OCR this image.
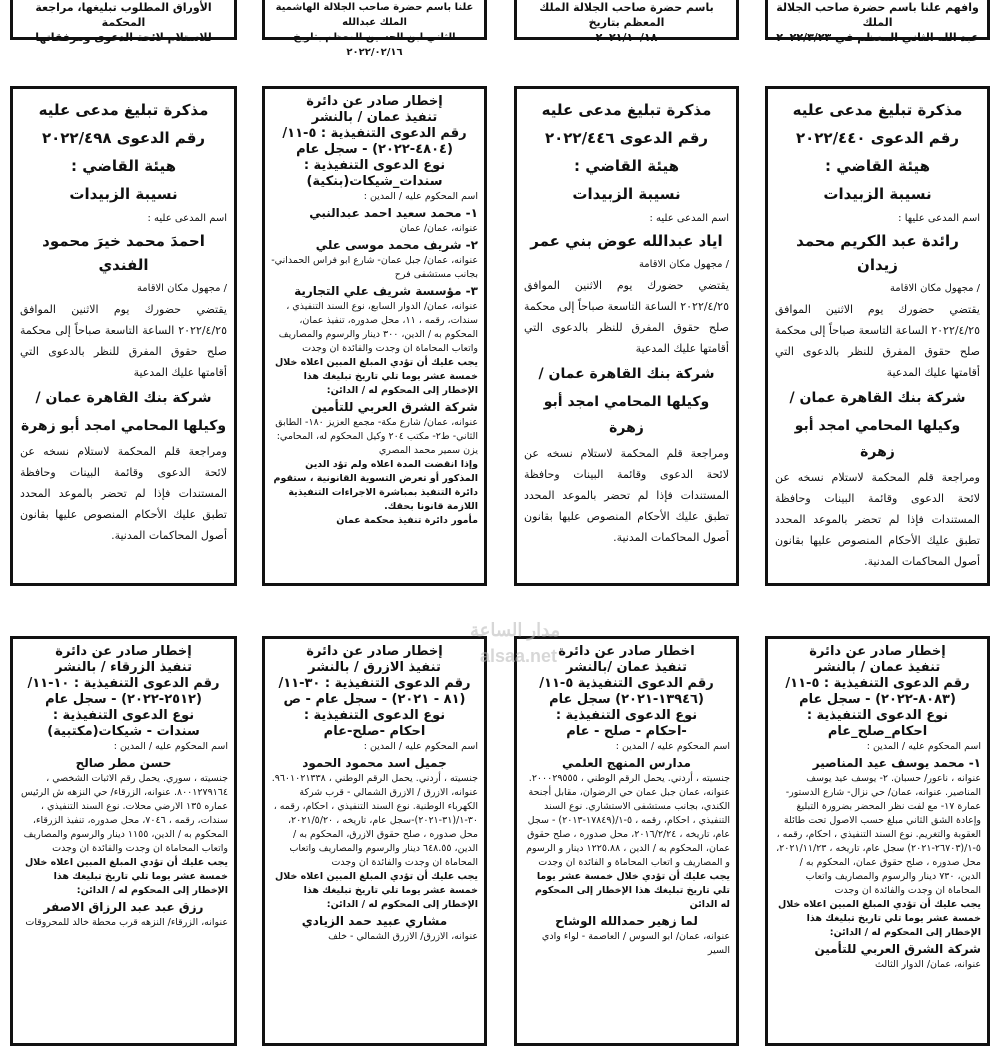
الأوراق المطلوب تبليغها، مراجعة المحكمة
للاستلام لائحة الدعوى ومرفقاتها
علنا باسم حضرة صاحب الجلالة الهاشمية الملك عبدالله
الثاني ابن الحسين المعظم بتاريخ ٢٠٢٢/٠٢/١٦
باسم حضرة صاحب الجلالة الملك المعظم بتاريخ
٢٠٢١/١٠/١٨
وافهم علنا باسم حضرة صاحب الجلالة الملك
عبد الله الثاني المعظم في ٢٠٢٢/٣/٢٣
مذكرة تبليغ مدعى عليه
رقم الدعوى ٢٠٢٢/٤٩٨
هيئة القاضي :
نسيبة الزبيدات
اسم المدعى عليه :
احمدَ محمد خيرَ محمود الفندي
/ مجهول مكان الاقامة

يقتضي حضورك يوم الاثنين الموافق ٢٠٢٢/٤/٢٥ الساعة التاسعة صباحاً إلى محكمة صلح حقوق المفرق للنظر بالدعوى التي أقامتها عليك المدعية

شركة بنك القاهرة عمان /
وكيلها المحامي امجد أبو زهرة

ومراجعة قلم المحكمة لاستلام نسخه عن لائحة الدعوى وقائمة البينات وحافظة المستندات فإذا لم تحضر بالموعد المحدد تطبق عليك الأحكام المنصوص عليها بقانون أصول المحاكمات المدنية.

إخطار صادر عن دائرة
تنفيذ عمان / بالنشر
رقم الدعوى التنفيذية : ٥-١١/
(٤٨٠٤-٢٠٢٢) - سجل عام
نوع الدعوى التنفيذية :
سندات_شيكات(بنكية)
اسم المحكوم عليه / المدين :
١- محمد سعيد احمد عبدالنبي
عنوانه، عمان/ عمان
٢- شريف محمد موسى علي
عنوانه، عمان/ جبل عمان- شارع ابو فراس الحمداني- بجانب مستشفى فرح
٣- مؤسسة شريف علي التجارية
عنوانه، عمان/ الدوار السابع، نوع السند التنفيذي ، سندات، رقمه ، ١١، محل صدوره، تنفيذ عمان، المحكوم به / الدين، ٣٠٠ دينار والرسوم والمصاريف واتعاب المحاماة ان وجدت والفائدة ان وجدت
يجب عليك أن تؤدي المبلغ المبين اعلاه خلال خمسة عشر يوما تلي تاريخ تبليغك هذا الإخطار إلى المحكوم له / الدائن:
شركة الشرق العربي للتأمين
عنوانه، عمان/ شارع مكة- مجمع العزيز ١٨٠- الطابق الثاني- ط٢- مكتب ٢٠٤ وكيل المحكوم له، المحامي: يزن سمير محمد المصري
وإذا انقضت المدة اعلاه ولم تؤد الدين المذكور أو تعرض التسوية القانونية ، ستقوم دائرة التنفيذ بمباشرة الاجراءات التنفيذية اللازمة قانونا بحقك.
مأمور دائرة تنفيذ محكمة عمان
مذكرة تبليغ مدعى عليه
رقم الدعوى ٢٠٢٢/٤٤٦
هيئة القاضي :
نسيبة الزبيدات
اسم المدعى عليه :
اياد عبدالله عوض بني عمر
/ مجهول مكان الاقامة

يقتضي حضورك يوم الاثنين الموافق ٢٠٢٢/٤/٢٥ الساعة التاسعة صباحاً إلى محكمة صلح حقوق المفرق للنظر بالدعوى التي أقامتها عليك المدعية

شركة بنك القاهرة عمان /
وكيلها المحامي امجد أبو زهرة

ومراجعة قلم المحكمة لاستلام نسخه عن لائحة الدعوى وقائمة البينات وحافظة المستندات فإذا لم تحضر بالموعد المحدد تطبق عليك الأحكام المنصوص عليها بقانون أصول المحاكمات المدنية.

مذكرة تبليغ مدعى عليه
رقم الدعوى ٢٠٢٢/٤٤٠
هيئة القاضي :
نسيبة الزبيدات
اسم المدعى عليها :
رائدة عبد الكريم محمد زيدان
/ مجهول مكان الاقامة

يقتضي حضورك يوم الاثنين الموافق ٢٠٢٢/٤/٢٥ الساعة التاسعة صباحاً إلى محكمة صلح حقوق المفرق للنظر بالدعوى التي أقامتها عليك المدعية

شركة بنك القاهرة عمان /
وكيلها المحامي امجد أبو زهرة

ومراجعة قلم المحكمة لاستلام نسخه عن لائحة الدعوى وقائمة البينات وحافظة المستندات فإذا لم تحضر بالموعد المحدد تطبق عليك الأحكام المنصوص عليها بقانون أصول المحاكمات المدنية.

إخطار صادر عن دائرة
تنفيذ الزرقاء / بالنشر
رقم الدعوى التنفيذية : ١٠-١١/
(٢٥١٢-٢٠٢٢) - سجل عام
نوع الدعوى التنفيذية :
سندات - شيكات(مكتبية)
اسم المحكوم عليه / المدين :
حسن مطر صالح
جنسيته ، سوري. يحمل رقم الاثبات الشخصي ، ٨٠٠١٢٧٩١٦٤. عنوانه، الزرقاء/ حي النزهه ش الرئيس عماره ١٣٥ الارضي محلات. نوع السند التنفيذي ، سندات، رقمه ، ٧٠٤٦، محل صدوره، تنفيذ الزرقاء، المحكوم به / الدين، ١١٥٥ دينار والرسوم والمصاريف واتعاب المحاماة ان وجدت والفائدة ان وجدت
يجب عليك أن تؤدي المبلغ المبين اعلاه خلال خمسة عشر يوما تلي تاريخ تبليغك هذا الإخطار إلى المحكوم له / الدائن:
رزق عبد عبد الرزاق الاصفر
عنوانه، الزرقاء/ النزهه قرب محطة خالد للمحروقات
إخطار صادر عن دائرة
تنفيذ الازرق / بالنشر
رقم الدعوى التنفيذية : ٣٠-١١/
(٨١ - ٢٠٢١) - سجل عام - ص
نوع الدعوى التنفيذية :
احكام -صلح-عام
اسم المحكوم عليه / المدين :
جميل اسد محمود الحمود
جنسيته ، أردني. يحمل الرقم الوطني ، ٩٦٠١٠٢١٣٣٨. عنوانه، الازرق / الازرق الشمالي - قرب شركة الكهرباء الوطنية. نوع السند التنفيذي ، احكام، رقمه ، ٣٠-١/(٣١-٢٠٢١)-سجل عام، تاريخه ، ٢٠٢١/٥/٢٠، محل صدوره ، صلح حقوق الازرق، المحكوم به / الدين، ٦٤٨.٥٥ دينار والرسوم والمصاريف واتعاب المحاماة ان وجدت والفائدة ان وجدت
يجب عليك أن تؤدي المبلغ المبين اعلاه خلال خمسة عشر يوما تلي تاريخ تبليغك هذا الإخطار إلى المحكوم له / الدائن:
مشاري عبيد حمد الزيادي
عنوانه، الازرق/ الازرق الشمالي - خلف
اخطار صادر عن دائرة
تنفيذ عمان /بالنشر
رقم الدعوى التنفيذية ٥-١١/
(١٣٩٤٦-٢٠٢١) سجل عام
نوع الدعوى التنفيذية :
-احكام - صلح - عام
اسم المحكوم عليه / المدين :
مدارس المنهج العلمي
جنسيته ، أردني. يحمل الرقم الوطني ، ٢٠٠٠٢٩٥٥٥. عنوانه، عمان جبل عمان حي الرضوان، مقابل أجنحة الكندي، بجانب مستشفى الاستشاري. نوع السند التنفيذي ، احكام، رقمه ، ٥-١/(١٧٨٤٩-٢٠١٣) - سجل عام، تاريخه ، ٢٠١٦/٢/٢٤، محل صدوره ، صلح حقوق عمان، المحكوم به / الدين ، ١٢٢٥.٨٨ دينار و الرسوم و المصاريف و اتعاب المحاماة و الفائدة ان وجدت
يجب عليك أن تؤدي خلال خمسة عشر يوما تلي تاريخ تبليغك هذا الإخطار إلى المحكوم له الدائن
لما زهير حمدالله الوشاح
عنوانه، عمان/ ابو السوس / العاصمة - لواء وادي السير
إخطار صادر عن دائرة
تنفيذ عمان / بالنشر
رقم الدعوى التنفيذية : ٥-١١/
(٨٠٨٣-٢٠٢٢) - سجل عام
نوع الدعوى التنفيذية :
احكام_صلح_عام
اسم المحكوم عليه / المدين :
١- محمد يوسف عيد المناصير
عنوانه ، ناعور/ حسبان. ٢- يوسف عيد يوسف المناصير. عنوانه، عمان/ حي نزال- شارع الدستور- عمارة ١٧- مع لفت نظر المحضر بضرورة التبليغ وإعادة الشق الثاني مبلغ حسب الاصول تحت طائلة العقوبة والتغريم. نوع السند التنفيذي ، احكام، رقمه ، ٥-١/(٢٦٧٠٣-٢٠٢١) سجل عام، تاريخه ، ٢٠٢١/١١/٢٣، محل صدوره ، صلح حقوق عمان، المحكوم به / الدين، ٧٣٠ دينار والرسوم والمصاريف واتعاب المحاماة ان وجدت والفائدة ان وجدت
يجب عليك أن تؤدي المبلغ المبين اعلاه خلال خمسة عشر يوما تلي تاريخ تبليغك هذا الإخطار إلى المحكوم له / الدائن:
شركة الشرق العربي للتأمين
عنوانه، عمان/ الدوار الثالث
alsaa.net
مدار الساعة
